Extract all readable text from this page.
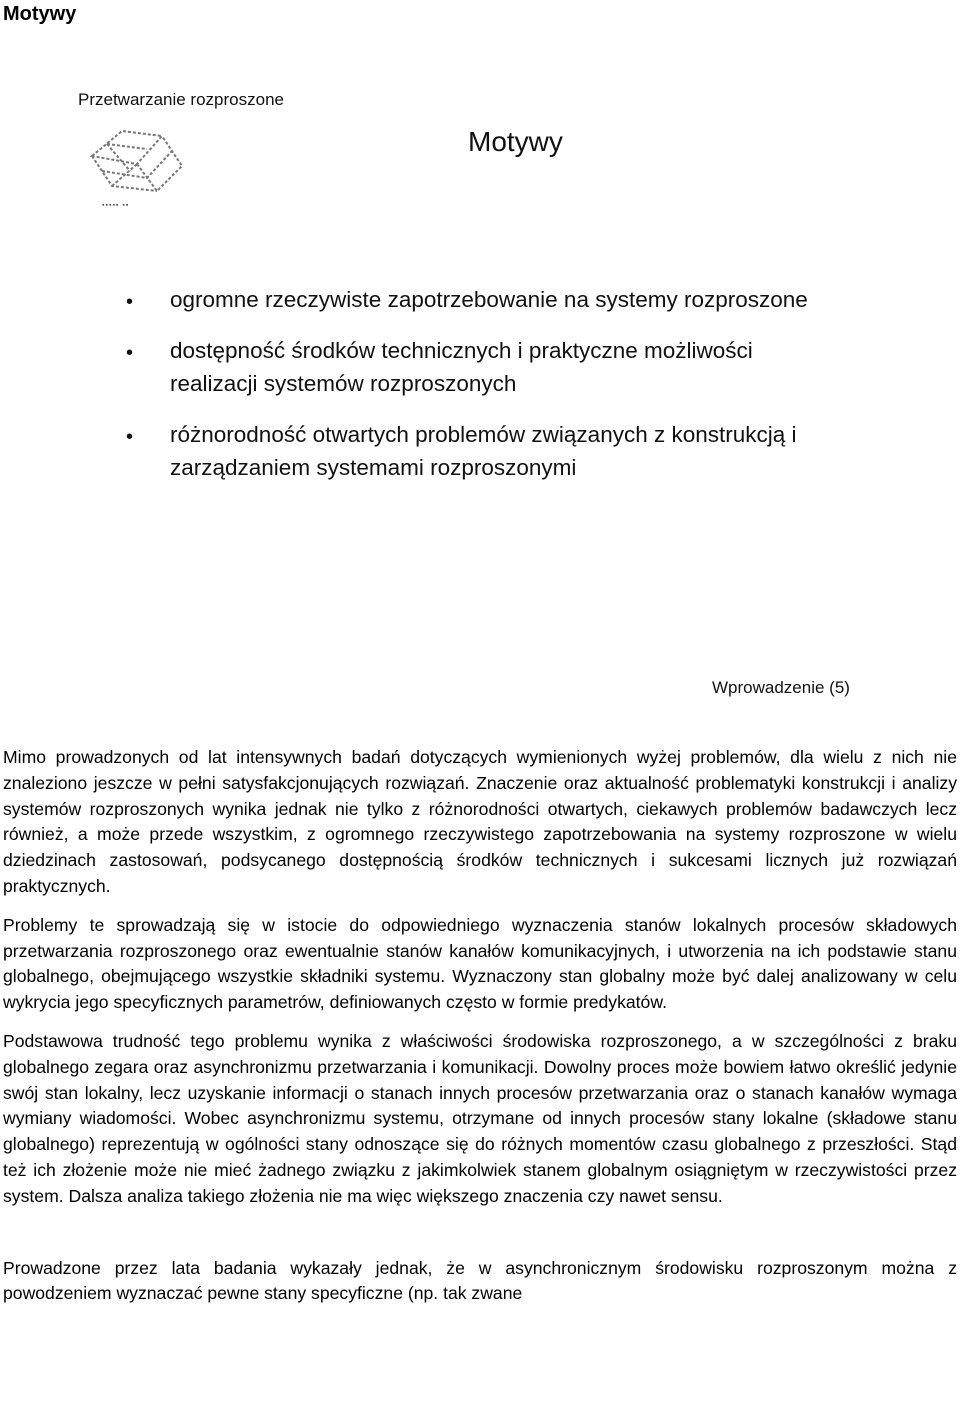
Motywy
Przetwarzanie rozproszone
▪▪▪▪▪ ▪▪
Motywy
• ogromne rzeczywiste zapotrzebowanie na systemy rozproszone
• dostępność środków technicznych i praktyczne możliwości realizacji systemów rozproszonych
• różnorodność otwartych problemów związanych z konstrukcją i zarządzaniem systemami rozproszonymi
Wprowadzenie (5)

Mimo prowadzonych od lat intensywnych badań dotyczących wymienionych wyżej problemów, dla wielu z nich nie znaleziono jeszcze w pełni satysfakcjonujących rozwiązań. Znaczenie oraz aktualność problematyki konstrukcji i analizy systemów rozproszonych wynika jednak nie tylko z różnorodności otwartych, ciekawych problemów badawczych lecz również, a może przede wszystkim, z ogromnego rzeczywistego zapotrzebowania na systemy rozproszone w wielu dziedzinach zastosowań, podsycanego dostępnością środków technicznych i sukcesami licznych już rozwiązań praktycznych.

Problemy te sprowadzają się w istocie do odpowiedniego wyznaczenia stanów lokalnych procesów składowych przetwarzania rozproszonego oraz ewentualnie stanów kanałów komunikacyjnych, i utworzenia na ich podstawie stanu globalnego, obejmującego wszystkie składniki systemu. Wyznaczony stan globalny może być dalej analizowany w celu wykrycia jego specyficznych parametrów, definiowanych często w formie predykatów.

Podstawowa trudność tego problemu wynika z właściwości środowiska rozproszonego, a w szczególności z braku globalnego zegara oraz asynchronizmu przetwarzania i komunikacji. Dowolny proces może bowiem łatwo określić jedynie swój stan lokalny, lecz uzyskanie informacji o stanach innych procesów przetwarzania oraz o stanach kanałów wymaga wymiany wiadomości. Wobec asynchronizmu systemu, otrzymane od innych procesów stany lokalne (składowe stanu globalnego) reprezentują w ogólności stany odnoszące się do różnych momentów czasu globalnego z przeszłości. Stąd też ich złożenie może nie mieć żadnego związku z jakimkolwiek stanem globalnym osiągniętym w rzeczywistości przez system. Dalsza analiza takiego złożenia nie ma więc większego znaczenia czy nawet sensu.

Prowadzone przez lata badania wykazały jednak, że w asynchronicznym środowisku rozproszonym można z powodzeniem wyznaczać pewne stany specyficzne (np. tak zwane
